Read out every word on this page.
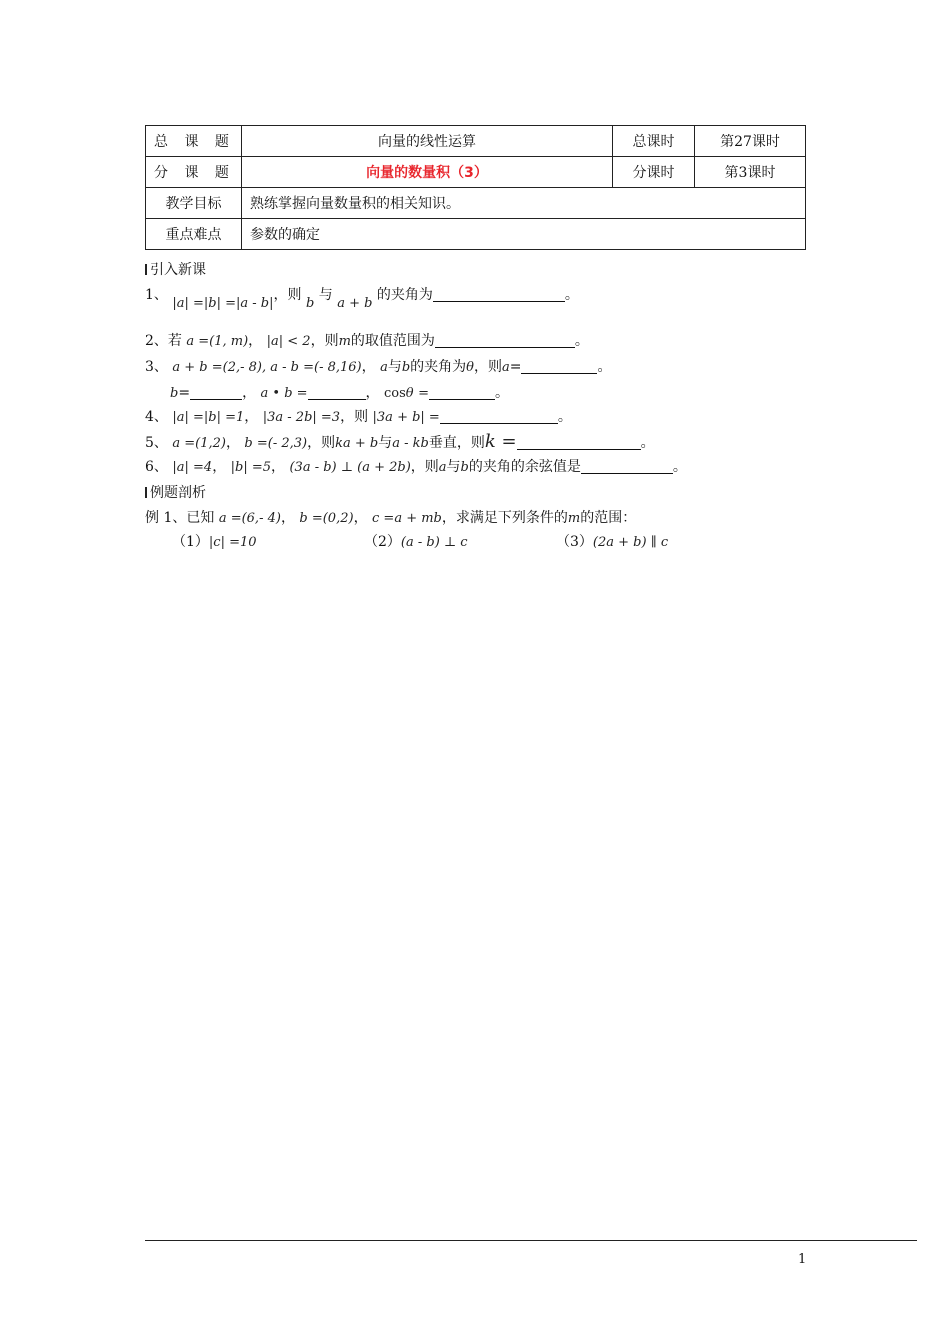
总 课 题	向量的线性运算	总课时	第27课时
分 课 题	向量的数量积（3）	分课时	第3课时
教学目标	熟练掌握向量数量积的相关知识。		
重点难点	参数的确定		
引入新课
1、 |a| =|b| =|a - b|，则 b 与 a + b 的夹角为	。
2、若 a =(1, m)， |a| < 2，则m的取值范围为	。
3、 a + b =(2,- 8), a - b =(- 8,16)， a与b的夹角为θ，则a=	。
b=	， a • b =	， cosθ =	。
4、 |a| =|b| =1， |3a - 2b| =3，则 |3a + b| =	。
5、 a =(1,2)， b =(- 2,3)，则ka + b与a - kb垂直，则k =	。
6、 |a| =4， |b| =5， (3a - b) ⊥ (a + 2b)，则a与b的夹角的余弦值是	。
例题剖析
例 1、已知 a =(6,- 4)， b =(0,2)， c =a + mb，求满足下列条件的m的范围：
（1）|c| =10	（2）(a - b) ⊥ c	（3）(2a + b) ∥ c
1
